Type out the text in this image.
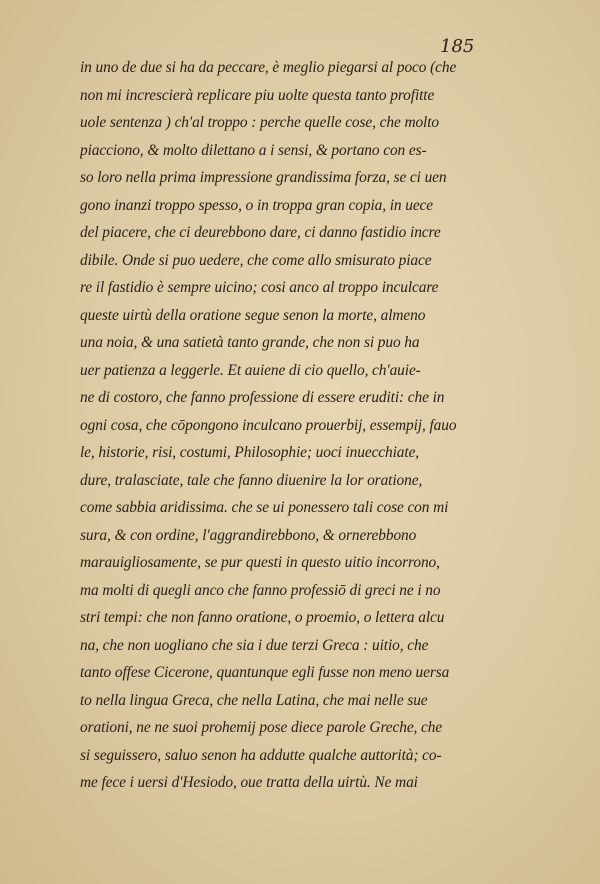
185
in uno de due si ha da peccare, è meglio piegarsi al poco (che
non mi increscierà replicare piu uolte questa tanto profitte
uole sentenza ) ch'al troppo : perche quelle cose, che molto
piacciono, & molto dilettano a i sensi, & portano con es-
so loro nella prima impressione grandissima forza, se ci uen
gono inanzi troppo spesso, o in troppa gran copia, in uece
del piacere, che ci deurebbono dare, ci danno fastidio incre
dibile. Onde si puo uedere, che come allo smisurato piace
re il fastidio è sempre uicino; cosi anco al troppo inculcare
queste uirtù della oratione segue senon la morte, almeno
una noia, & una satietà tanto grande, che non si puo ha
uer patienza a leggerle. Et auiene di cio quello, ch'auie-
ne di costoro, che fanno professione di essere eruditi: che in
ogni cosa, che cōpongono inculcano prouerbij, essempij, fauo
le, historie, risi, costumi, Philosophie; uoci inuecchiate,
dure, tralasciate, tale che fanno diuenire la lor oratione,
come sabbia aridissima. che se ui ponessero tali cose con mi
sura, & con ordine, l'aggrandirebbono, & ornerebbono
marauigliosamente, se pur questi in questo uitio incorrono,
ma molti di quegli anco che fanno professiō di greci ne i no
stri tempi: che non fanno oratione, o proemio, o lettera alcu
na, che non uogliano che sia i due terzi Greca : uitio, che
tanto offese Cicerone, quantunque egli fusse non meno uersa
to nella lingua Greca, che nella Latina, che mai nelle sue
orationi, ne ne suoi prohemij pose diece parole Greche, che
si seguissero, saluo senon ha addutte qualche auttorità; co-
me fece i uersi d'Hesiodo, oue tratta della uirtù. Ne mai
